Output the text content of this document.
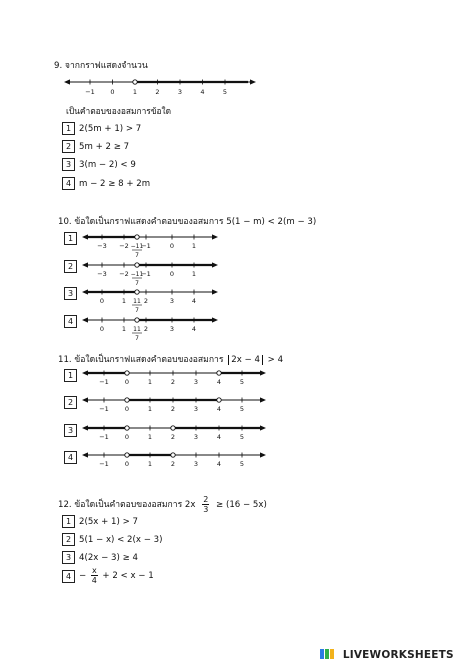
9. จากกราฟแสดงจำนวน
−1 0	1	2	3	4	5
เป็นคำตอบของอสมการข้อใด
1 2(5m + 1) > 7
2 5m + 2 ≥ 7
3 3(m − 2) < 9
4 m − 2 ≥ 8 + 2m
10. ข้อใดเป็นกราฟแสดงคำตอบของอสมการ 5(1 − m) < 2(m − 3)
1
−3 −2 −1	0	1
−11
7
2
−3 −2 −1	0	1
−11
7
3
0	1	2	3	4
11
7
4
0	1	2	3	4
11
7
11. ข้อใดเป็นกราฟแสดงคำตอบของอสมการ 2x − 4 > 4
1
−1 0	1	2	3	4	5
2
−1 0	1	2	3	4	5
3
−1 0	1	2	3	4	5
4
−1 0	1	2	3	4	5
12. ข้อใดเป็นคำตอบของอสมการ $2x \frac{2}{3} \ge (16 - 5x)$
1 2(5x + 1) > 7
2 5(1 − x) < 2(x − 3)
3 4(2x − 3) ≥ 4
$4 - \frac{x}{4} + 2 < x - 1$
LIVEWORKSHEETS
